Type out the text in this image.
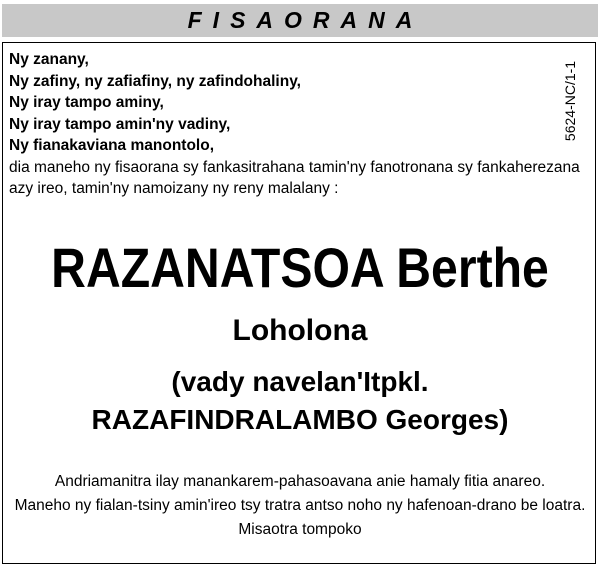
FISAORANA
5624-NC/1-1
Ny zanany,
Ny zafiny, ny zafiafiny, ny zafindohaliny,
Ny iray tampo aminy,
Ny iray tampo amin'ny vadiny,
Ny fianakaviana manontolo,
dia maneho ny fisaorana sy fankasitrahana tamin'ny fanotronana sy fankaherezana
azy ireo, tamin'ny namoizany ny reny malalany :
RAZANATSOA Berthe
Loholona
(vady navelan'Itpkl.
RAZAFINDRALAMBO Georges)
Andriamanitra ilay manankarem-pahasoavana anie hamaly fitia anareo.
Maneho ny fialan-tsiny amin'ireo tsy tratra antso noho ny hafenoan-drano be loatra.
Misaotra tompoko
